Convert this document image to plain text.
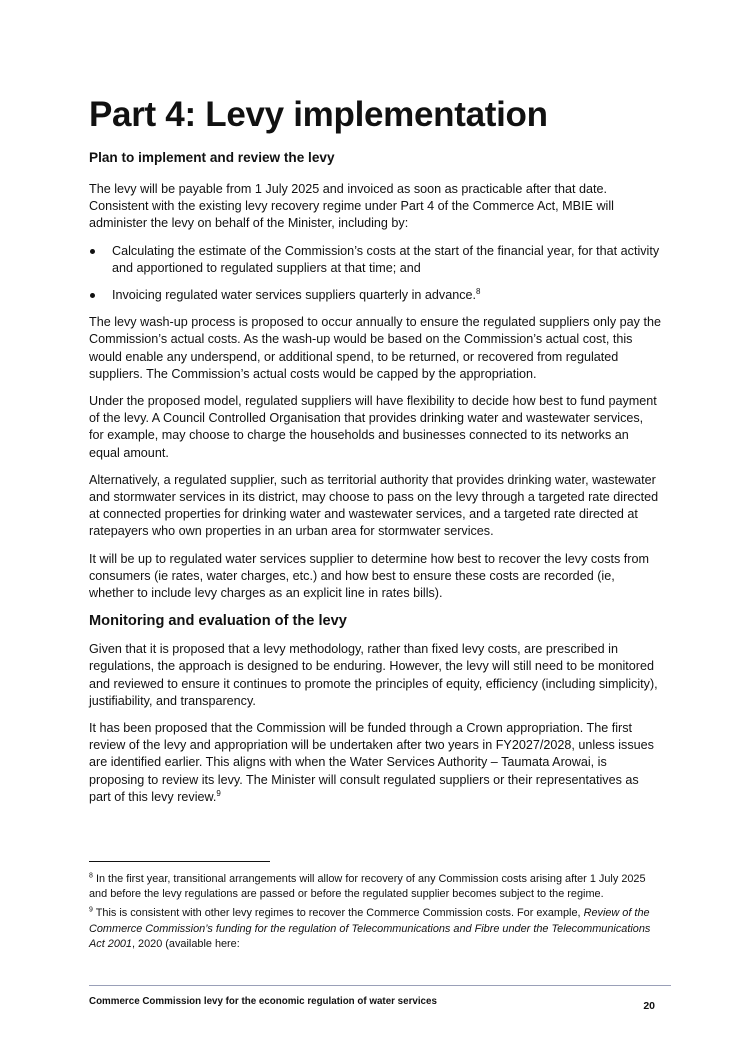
Part 4: Levy implementation
Plan to implement and review the levy

The levy will be payable from 1 July 2025 and invoiced as soon as practicable after that date. Consistent with the existing levy recovery regime under Part 4 of the Commerce Act, MBIE will administer the levy on behalf of the Minister, including by:

Calculating the estimate of the Commission’s costs at the start of the financial year, for that activity and apportioned to regulated suppliers at that time; and
Invoicing regulated water services suppliers quarterly in advance.$^8$

The levy wash-up process is proposed to occur annually to ensure the regulated suppliers only pay the Commission’s actual costs. As the wash-up would be based on the Commission’s actual cost, this would enable any underspend, or additional spend, to be returned, or recovered from regulated suppliers. The Commission’s actual costs would be capped by the appropriation.

Under the proposed model, regulated suppliers will have flexibility to decide how best to fund payment of the levy. A Council Controlled Organisation that provides drinking water and wastewater services, for example, may choose to charge the households and businesses connected to its networks an equal amount.

Alternatively, a regulated supplier, such as territorial authority that provides drinking water, wastewater and stormwater services in its district, may choose to pass on the levy through a targeted rate directed at connected properties for drinking water and wastewater services, and a targeted rate directed at ratepayers who own properties in an urban area for stormwater services.

It will be up to regulated water services supplier to determine how best to recover the levy costs from consumers (ie rates, water charges, etc.) and how best to ensure these costs are recorded (ie, whether to include levy charges as an explicit line in rates bills).

Monitoring and evaluation of the levy

Given that it is proposed that a levy methodology, rather than fixed levy costs, are prescribed in regulations, the approach is designed to be enduring. However, the levy will still need to be monitored and reviewed to ensure it continues to promote the principles of equity, efficiency (including simplicity), justifiability, and transparency.

It has been proposed that the Commission will be funded through a Crown appropriation. The first review of the levy and appropriation will be undertaken after two years in FY2027/2028, unless issues are identified earlier. This aligns with when the Water Services Authority – Taumata Arowai, is proposing to review its levy. The Minister will consult regulated suppliers or their representatives as part of this levy review.$^9$

$^8$ In the first year, transitional arrangements will allow for recovery of any Commission costs arising after 1 July 2025 and before the levy regulations are passed or before the regulated supplier becomes subject to the regime.

$^9$ This is consistent with other levy regimes to recover the Commerce Commission costs. For example, Review of the Commerce Commission’s funding for the regulation of Telecommunications and Fibre under the Telecommunications Act 2001, 2020 (available here:

Commerce Commission levy for the economic regulation of water services	20
